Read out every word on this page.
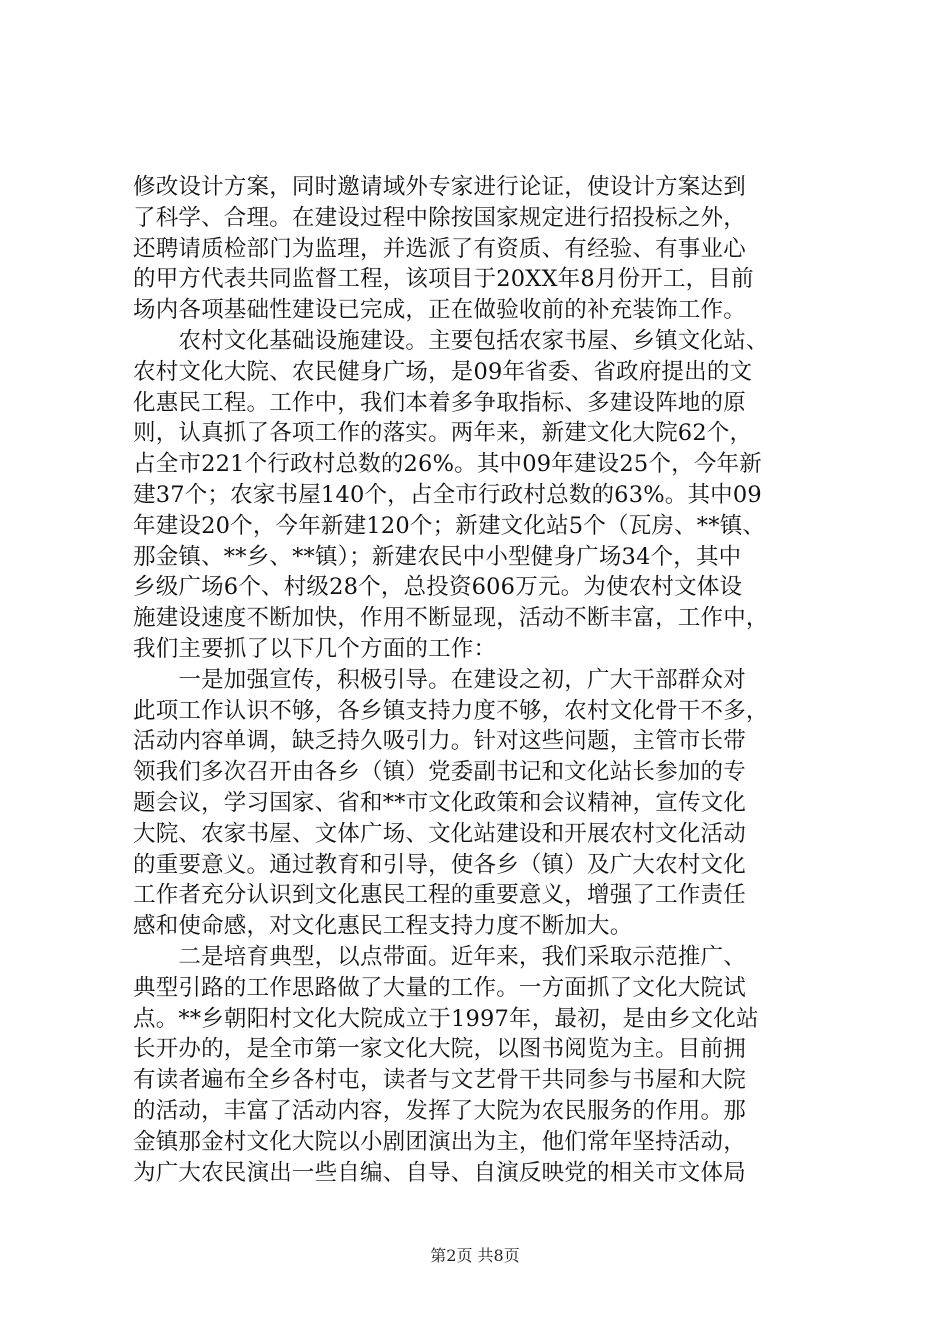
修改设计方案，同时邀请域外专家进行论证，使设计方案达到
了科学、合理。在建设过程中除按国家规定进行招投标之外，
还聘请质检部门为监理，并选派了有资质、有经验、有事业心
的甲方代表共同监督工程，该项目于20XX年8月份开工，目前
场内各项基础性建设已完成，正在做验收前的补充装饰工作。
　　农村文化基础设施建设。主要包括农家书屋、乡镇文化站、
农村文化大院、农民健身广场，是09年省委、省政府提出的文
化惠民工程。工作中，我们本着多争取指标、多建设阵地的原
则，认真抓了各项工作的落实。两年来，新建文化大院62个，
占全市221个行政村总数的26%。其中09年建设25个，今年新
建37个；农家书屋140个，占全市行政村总数的63%。其中09
年建设20个，今年新建120个；新建文化站5个（瓦房、**镇、
那金镇、**乡、**镇）；新建农民中小型健身广场34个，其中
乡级广场6个、村级28个，总投资606万元。为使农村文体设
施建设速度不断加快，作用不断显现，活动不断丰富，工作中，
我们主要抓了以下几个方面的工作：
　　一是加强宣传，积极引导。在建设之初，广大干部群众对
此项工作认识不够，各乡镇支持力度不够，农村文化骨干不多，
活动内容单调，缺乏持久吸引力。针对这些问题，主管市长带
领我们多次召开由各乡（镇）党委副书记和文化站长参加的专
题会议，学习国家、省和**市文化政策和会议精神，宣传文化
大院、农家书屋、文体广场、文化站建设和开展农村文化活动
的重要意义。通过教育和引导，使各乡（镇）及广大农村文化
工作者充分认识到文化惠民工程的重要意义，增强了工作责任
感和使命感，对文化惠民工程支持力度不断加大。
　　二是培育典型，以点带面。近年来，我们采取示范推广、
典型引路的工作思路做了大量的工作。一方面抓了文化大院试
点。**乡朝阳村文化大院成立于1997年，最初，是由乡文化站
长开办的，是全市第一家文化大院，以图书阅览为主。目前拥
有读者遍布全乡各村屯，读者与文艺骨干共同参与书屋和大院
的活动，丰富了活动内容，发挥了大院为农民服务的作用。那
金镇那金村文化大院以小剧团演出为主，他们常年坚持活动，
为广大农民演出一些自编、自导、自演反映党的相关市文体局
第2页 共8页
